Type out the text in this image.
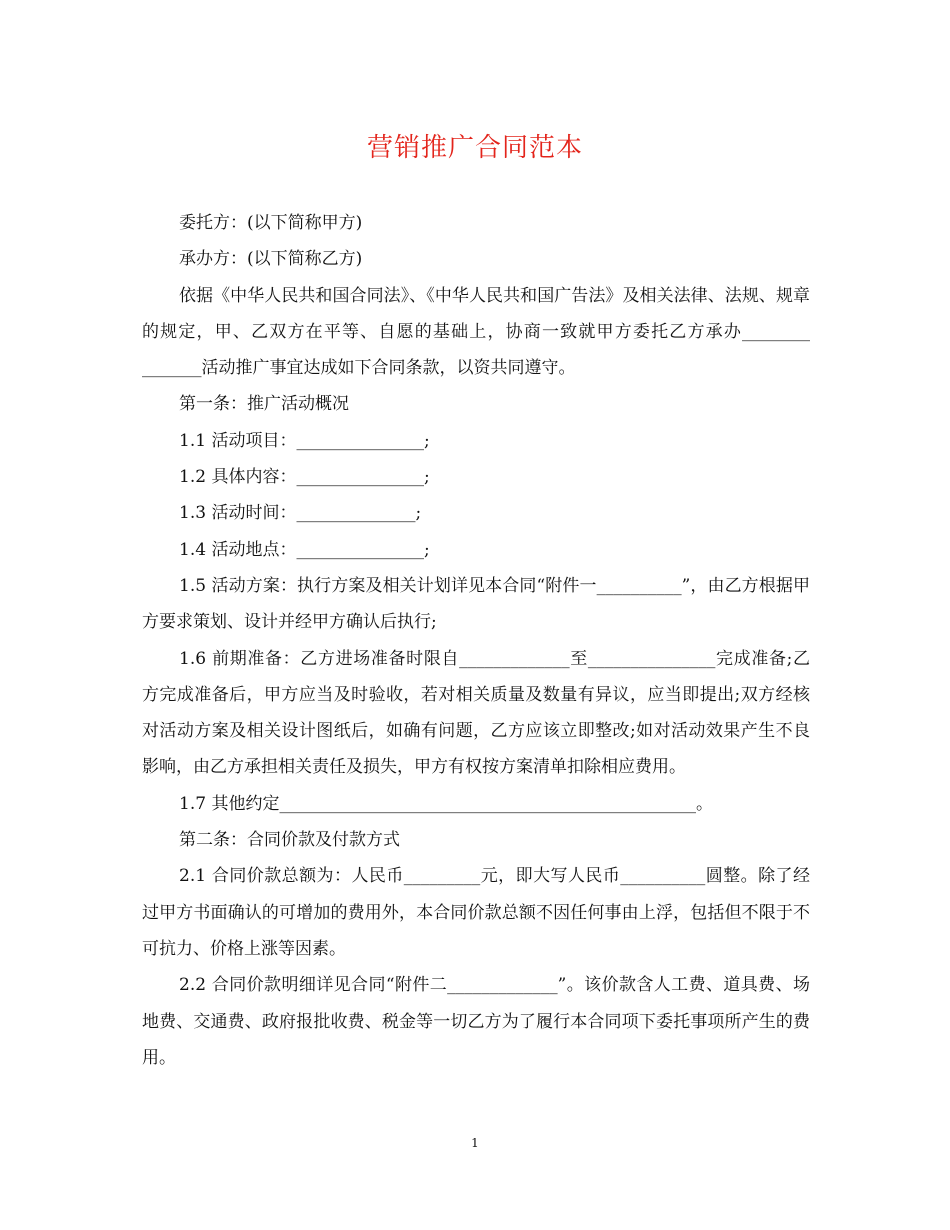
营销推广合同范本

委托方：(以下简称甲方)

承办方：(以下简称乙方)

依据《中华人民共和国合同法》、《中华人民共和国广告法》及相关法律、法规、规章的规定，甲、乙双方在平等、自愿的基础上，协商一致就甲方委托乙方承办________ _______活动推广事宜达成如下合同条款，以资共同遵守。

第一条：推广活动概况

1.1 活动项目：_______________;

1.2 具体内容：_______________;

1.3 活动时间：______________;

1.4 活动地点：_______________;

1.5 活动方案：执行方案及相关计划详见本合同“附件一__________”，由乙方根据甲方要求策划、设计并经甲方确认后执行;

1.6 前期准备：乙方进场准备时限自_____________至_______________完成准备;乙方完成准备后，甲方应当及时验收，若对相关质量及数量有异议，应当即提出;双方经核对活动方案及相关设计图纸后，如确有问题，乙方应该立即整改;如对活动效果产生不良影响，由乙方承担相关责任及损失，甲方有权按方案清单扣除相应费用。

1.7 其他约定_________________________________________________。

第二条：合同价款及付款方式

2.1 合同价款总额为：人民币_________元，即大写人民币__________圆整。除了经过甲方书面确认的可增加的费用外，本合同价款总额不因任何事由上浮，包括但不限于不可抗力、价格上涨等因素。

2.2 合同价款明细详见合同“附件二_____________”。该价款含人工费、道具费、场地费、交通费、政府报批收费、税金等一切乙方为了履行本合同项下委托事项所产生的费用。

1
